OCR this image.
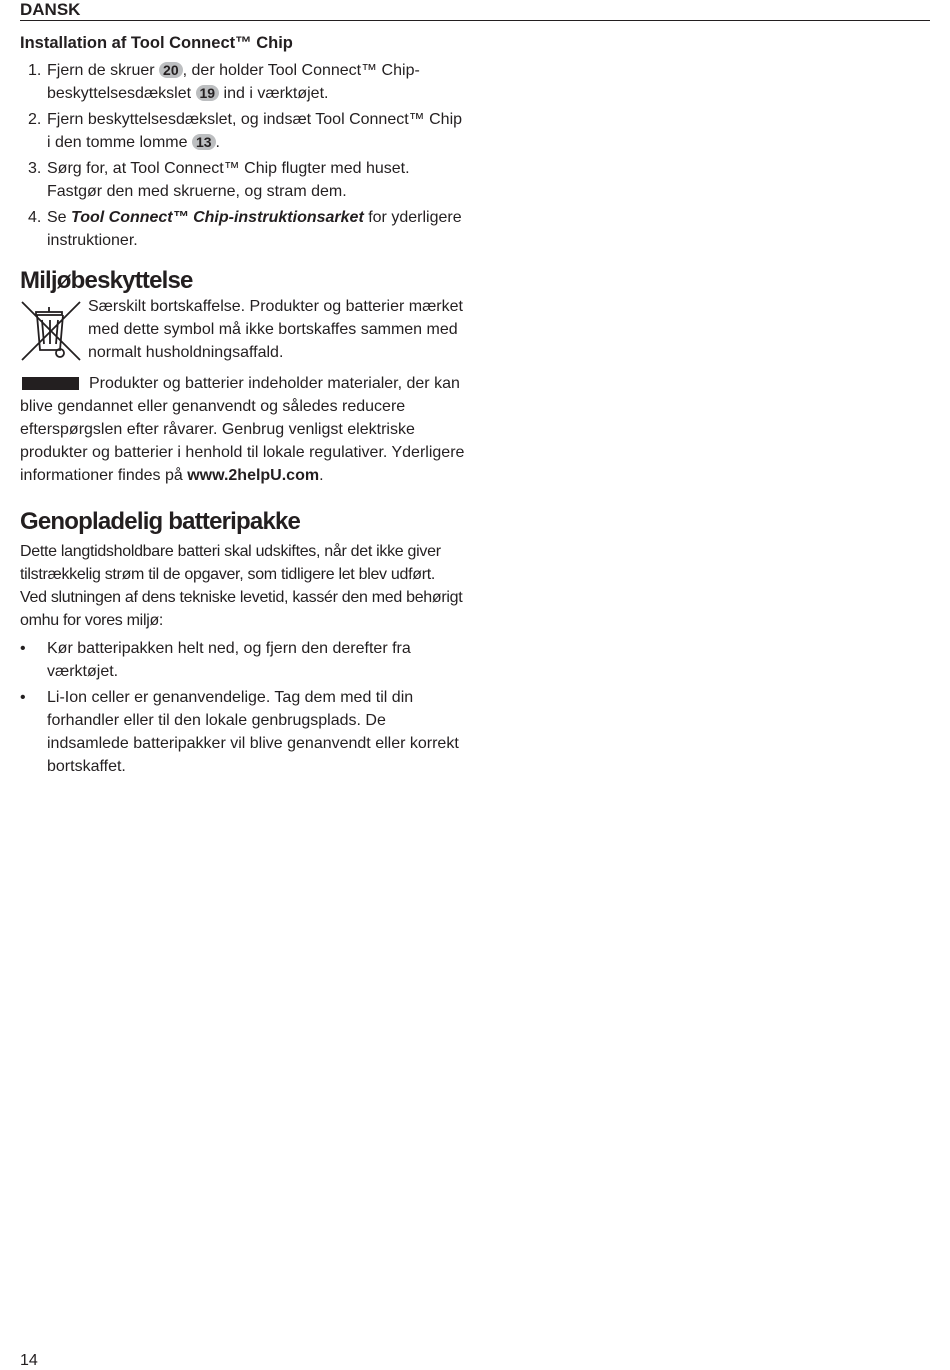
DANSK
Installation af Tool Connect™ Chip
1. Fjern de skruer 20 , der holder Tool Connect™ Chip-beskyttelsesdækslet 19 ind i værktøjet.
2. Fjern beskyttelsesdækslet, og indsæt Tool Connect™ Chip i den tomme lomme 13 .
3. Sørg for, at Tool Connect™ Chip flugter med huset. Fastgør den med skruerne, og stram dem.
4. Se Tool Connect™ Chip-instruktionsarket for yderligere instruktioner.
Miljøbeskyttelse

Særskilt bortskaffelse. Produkter og batterier mærket med dette symbol må ikke bortskaffes sammen med normalt husholdningsaffald.

Produkter og batterier indeholder materialer, der kan blive gendannet eller genanvendt og således reducere efterspørgslen efter råvarer. Genbrug venligst elektriske produkter og batterier i henhold til lokale regulativer. Yderligere informationer findes på www.2helpU.com.

Genopladelig batteripakke

Dette langtidsholdbare batteri skal udskiftes, når det ikke giver tilstrækkelig strøm til de opgaver, som tidligere let blev udført. Ved slutningen af dens tekniske levetid, kassér den med behørigt omhu for vores miljø:

• Kør batteripakken helt ned, og fjern den derefter fra værktøjet.
• Li-Ion celler er genanvendelige. Tag dem med til din forhandler eller til den lokale genbrugsplads. De indsamlede batteripakker vil blive genanvendt eller korrekt bortskaffet.
14
